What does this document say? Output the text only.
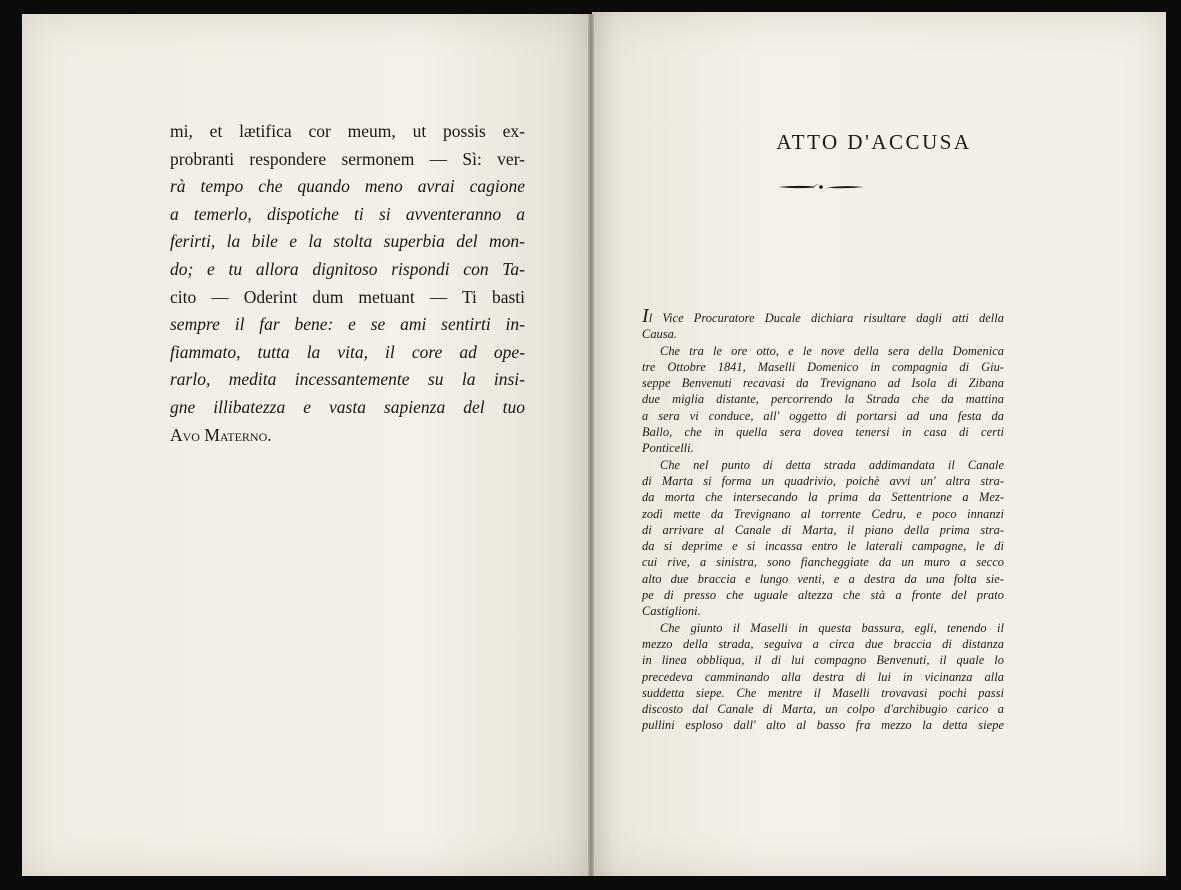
mi, et lætifica cor meum, ut possis ex-
probranti respondere sermonem — Sì: ver-
rà tempo che quando meno avrai cagione
a temerlo, dispotiche ti si avventeranno a
ferirti, la bile e la stolta superbia del mon-
do; e tu allora dignitoso rispondi con Ta-
cito — Oderint dum metuant — Ti basti
sempre il far bene: e se ami sentirti in-
fiammato, tutta la vita, il core ad ope-
rarlo, medita incessantemente su la insi-
gne illibatezza e vasta sapienza del tuo
Avo Materno.
ATTO D'ACCUSA
Il Vice Procuratore Ducale dichiara risultare dagli atti della
Causa.
Che tra le ore otto, e le nove della sera della Domenica
tre Ottobre 1841, Maselli Domenico in compagnia di Giu-
seppe Benvenuti recavasi da Trevignano ad Isola di Zibana
due miglia distante, percorrendo la Strada che da mattina
a sera vi conduce, all' oggetto di portarsi ad una festa da
Ballo, che in quella sera dovea tenersi in casa di certi
Ponticelli.
Che nel punto di detta strada addimandata il Canale
di Marta si forma un quadrivio, poichè avvi un' altra stra-
da morta che intersecando la prima da Settentrione a Mez-
zodì mette da Trevignano al torrente Cedru, e poco innanzi
di arrivare al Canale di Marta, il piano della prima stra-
da si deprime e si incassa entro le laterali campagne, le di
cui rive, a sinistra, sono fiancheggiate da un muro a secco
alto due braccia e lungo venti, e a destra da una folta sie-
pe di presso che uguale altezza che stà a fronte del prato
Castiglioni.
Che giunto il Maselli in questa bassura, egli, tenendo il
mezzo della strada, seguiva a circa due braccia di distanza
in linea obbliqua, il di lui compagno Benvenuti, il quale lo
precedeva camminando alla destra di lui in vicinanza alla
suddetta siepe. Che mentre il Maselli trovavasi pochi passi
discosto dal Canale di Marta, un colpo d'archibugio carico a
pullini esploso dall' alto al basso fra mezzo la detta siepe
